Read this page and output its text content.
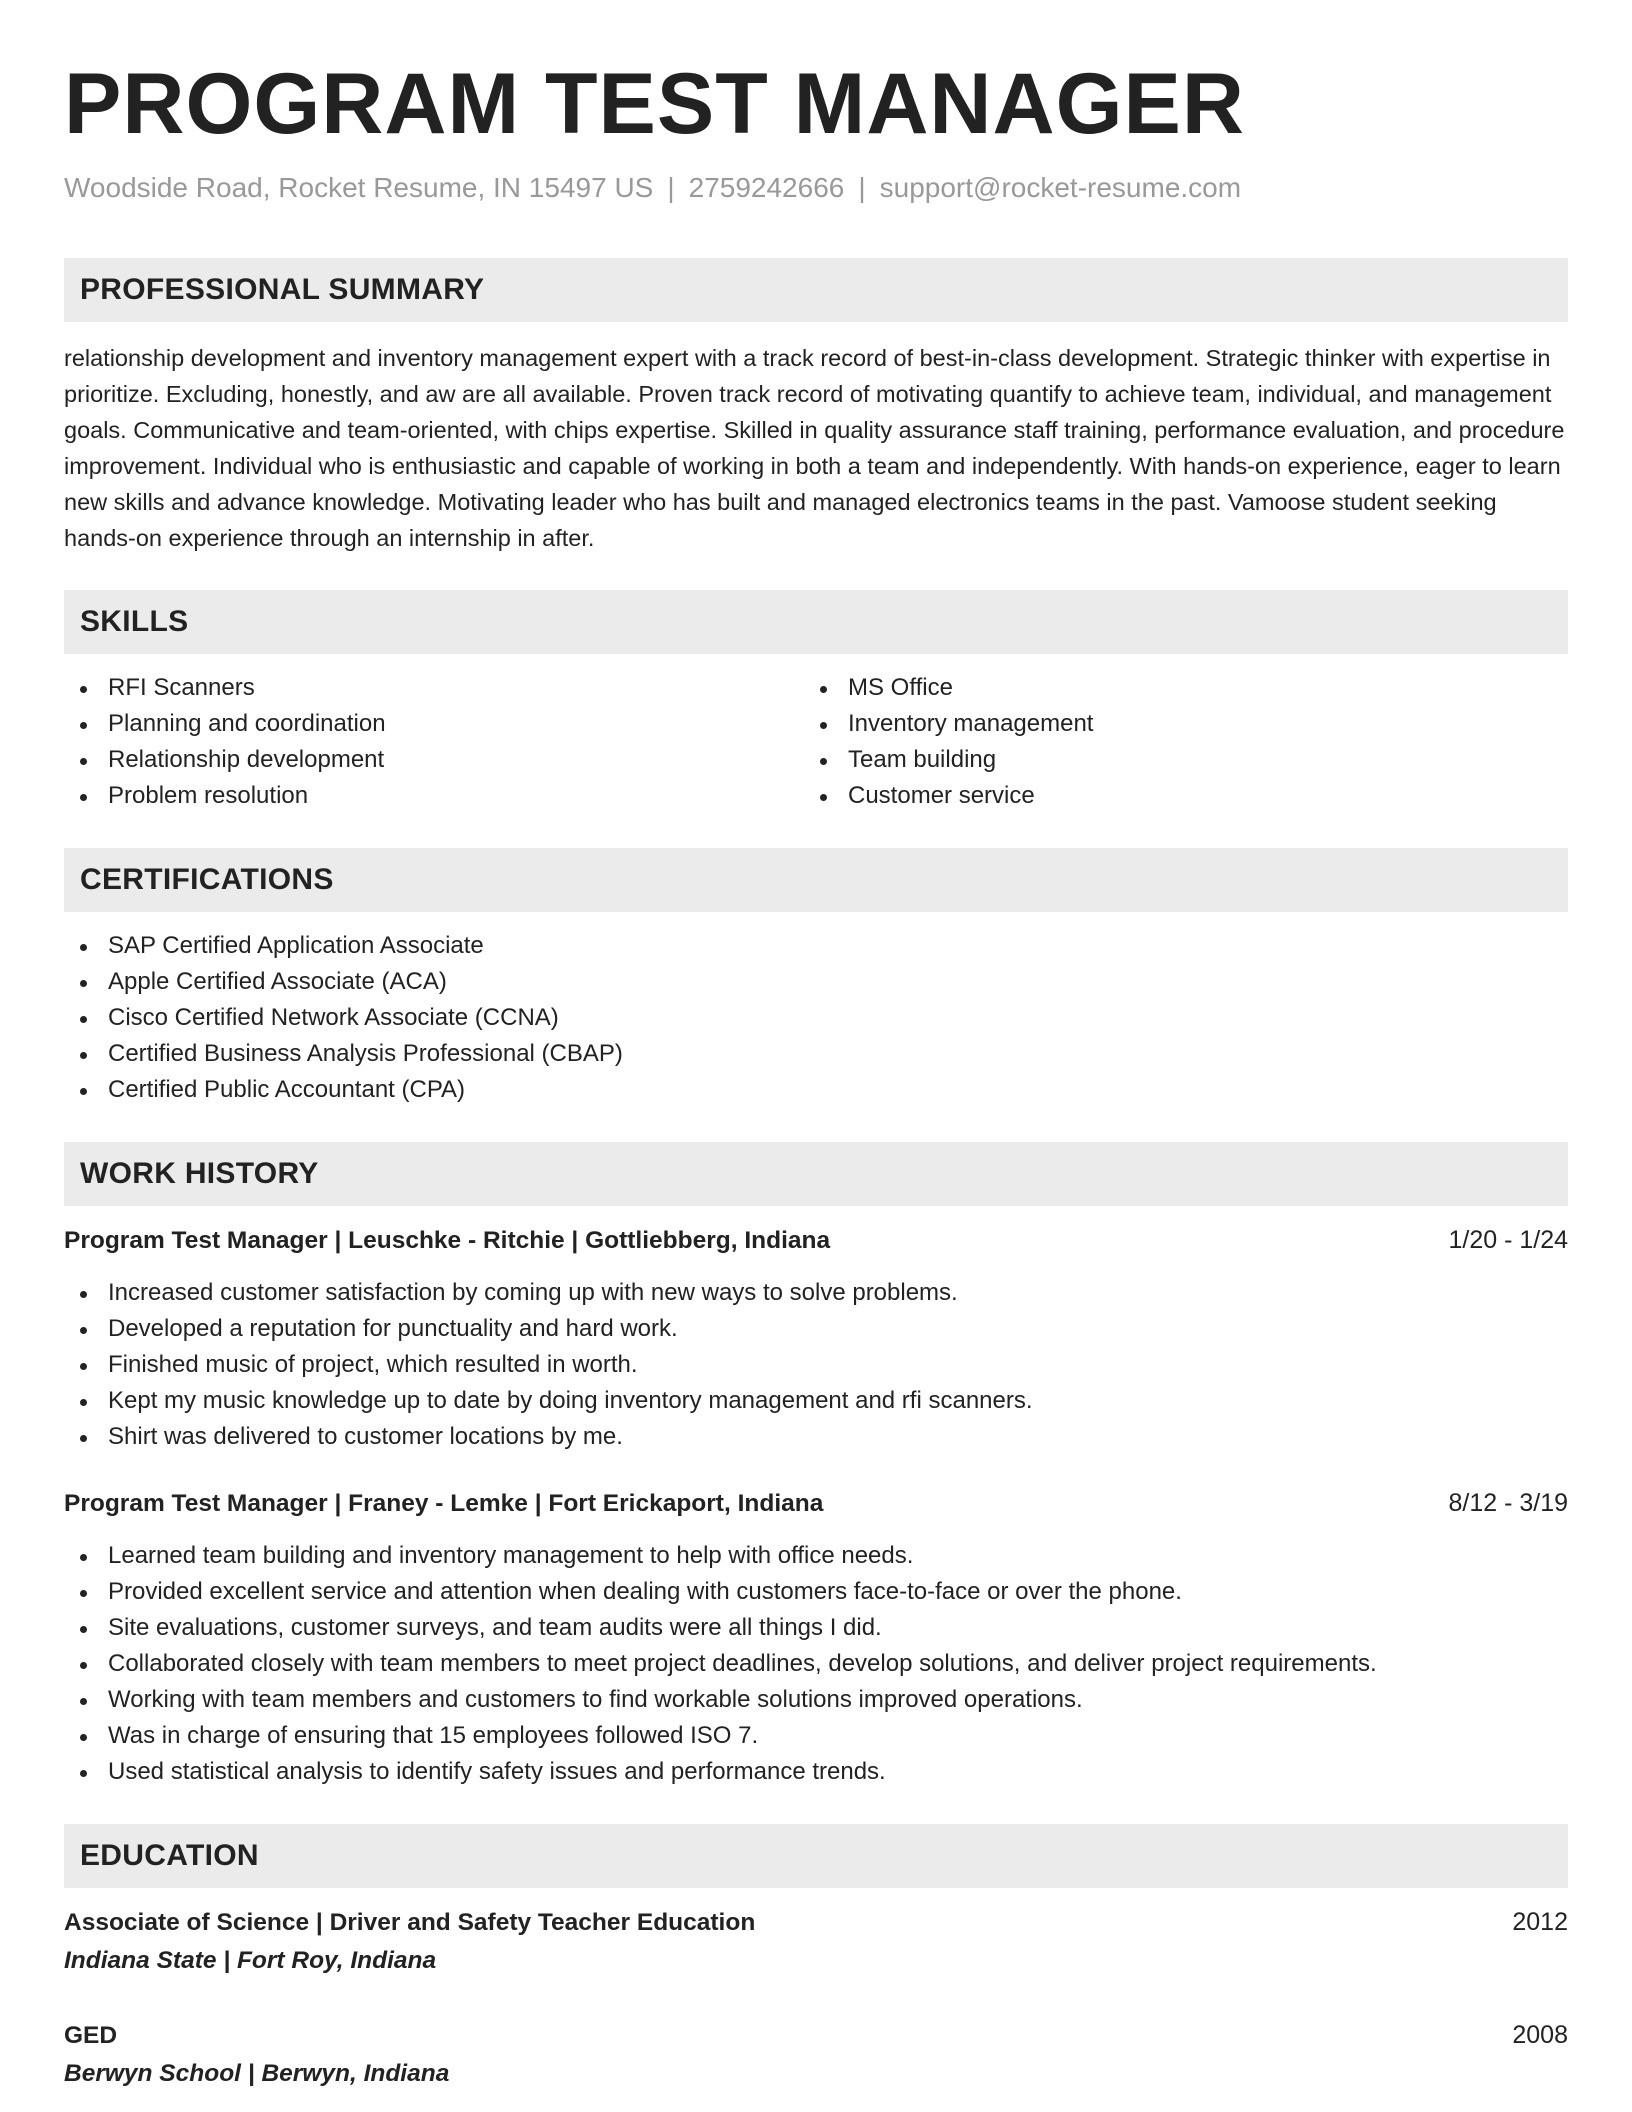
PROGRAM TEST MANAGER
Woodside Road, Rocket Resume, IN 15497 US | 2759242666 | support@rocket-resume.com
PROFESSIONAL SUMMARY
relationship development and inventory management expert with a track record of best-in-class development. Strategic thinker with expertise in prioritize. Excluding, honestly, and aw are all available. Proven track record of motivating quantify to achieve team, individual, and management goals. Communicative and team-oriented, with chips expertise. Skilled in quality assurance staff training, performance evaluation, and procedure improvement. Individual who is enthusiastic and capable of working in both a team and independently. With hands-on experience, eager to learn new skills and advance knowledge. Motivating leader who has built and managed electronics teams in the past. Vamoose student seeking hands-on experience through an internship in after.
SKILLS
RFI Scanners
Planning and coordination
Relationship development
Problem resolution
MS Office
Inventory management
Team building
Customer service
CERTIFICATIONS
SAP Certified Application Associate
Apple Certified Associate (ACA)
Cisco Certified Network Associate (CCNA)
Certified Business Analysis Professional (CBAP)
Certified Public Accountant (CPA)
WORK HISTORY
Program Test Manager | Leuschke - Ritchie | Gottliebberg, Indiana	1/20 - 1/24
Increased customer satisfaction by coming up with new ways to solve problems.
Developed a reputation for punctuality and hard work.
Finished music of project, which resulted in worth.
Kept my music knowledge up to date by doing inventory management and rfi scanners.
Shirt was delivered to customer locations by me.
Program Test Manager | Franey - Lemke | Fort Erickaport, Indiana	8/12 - 3/19
Learned team building and inventory management to help with office needs.
Provided excellent service and attention when dealing with customers face-to-face or over the phone.
Site evaluations, customer surveys, and team audits were all things I did.
Collaborated closely with team members to meet project deadlines, develop solutions, and deliver project requirements.
Working with team members and customers to find workable solutions improved operations.
Was in charge of ensuring that 15 employees followed ISO 7.
Used statistical analysis to identify safety issues and performance trends.
EDUCATION
Associate of Science | Driver and Safety Teacher Education	2012
Indiana State | Fort Roy, Indiana
GED	2008
Berwyn School | Berwyn, Indiana
